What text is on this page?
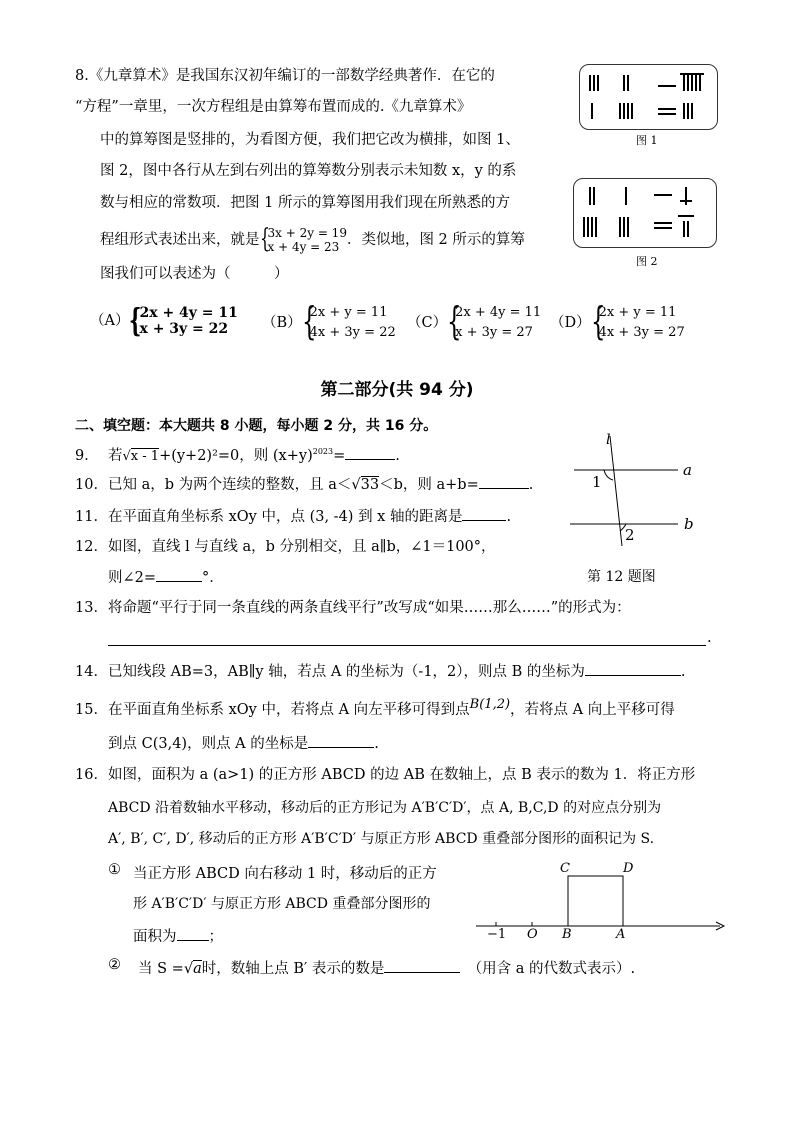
8.《九章算术》是我国东汉初年编订的一部数学经典著作．在它的
“方程”一章里，一次方程组是由算筹布置而成的.《九章算术》
中的算筹图是竖排的，为看图方便，我们把它改为横排，如图 1、
图 2，图中各行从左到右列出的算筹数分别表示未知数 x，y 的系
数与相应的常数项．把图 1 所示的算筹图用我们现在所熟悉的方
程组形式表述出来，就是 {
3x + 2y = 19
x + 4y = 23 ．类似地，图 2 所示的算筹
图我们可以表述为（　　　）
图 1
图 2
（A） {
2x + 4y = 11
x + 3y = 22	（B） {
2x + y = 11
4x + 3y = 22
（C） {
2x + 4y = 11
x + 3y = 27
（D） {
2x + y = 11
4x + 3y = 27
第二部分(共 94 分)
二、填空题：本大题共 8 小题，每小题 2 分，共 16 分。
9． 若√x - 1+(y+2)²=0，则 $(x+y)^{2023}=$	.
10．已知 a，b 为两个连续的整数，且 a＜√33＜b，则 a+b=	.
11．在平面直角坐标系 xOy 中，点 (3, -4) 到 x 轴的距离是	.
12．如图，直线 l 与直线 a，b 分别相交，且 a∥b，∠1＝100°，
则∠2=	°．
l
a
b
1
2
第 12 题图
13．将命题“平行于同一条直线的两条直线平行”改写成“如果……那么……”的形式为：
.
14．已知线段 AB=3，AB∥y 轴，若点 A 的坐标为（-1，2），则点 B 的坐标为	.
15．在平面直角坐标系 xOy 中，若将点 A 向左平移可得到点B(1,2)，若将点 A 向上平移可得
到点 C(3,4)，则点 A 的坐标是	.
16．如图，面积为 a (a>1) 的正方形 ABCD 的边 AB 在数轴上，点 B 表示的数为 1．将正方形
ABCD 沿着数轴水平移动，移动后的正方形记为 A′B′C′D′，点 A, B,C,D 的对应点分别为
A′, B′, C′, D′, 移动后的正方形 A′B′C′D′ 与原正方形 ABCD 重叠部分图形的面积记为 S.
① 当正方形 ABCD 向右移动 1 时，移动后的正方
形 A′B′C′D′ 与原正方形 ABCD 重叠部分图形的
面积为 ；
② 当 S =√a时，数轴上点 B′ 表示的数是　	（用含 a 的代数式表示）.
−1 O B	A
C	D
